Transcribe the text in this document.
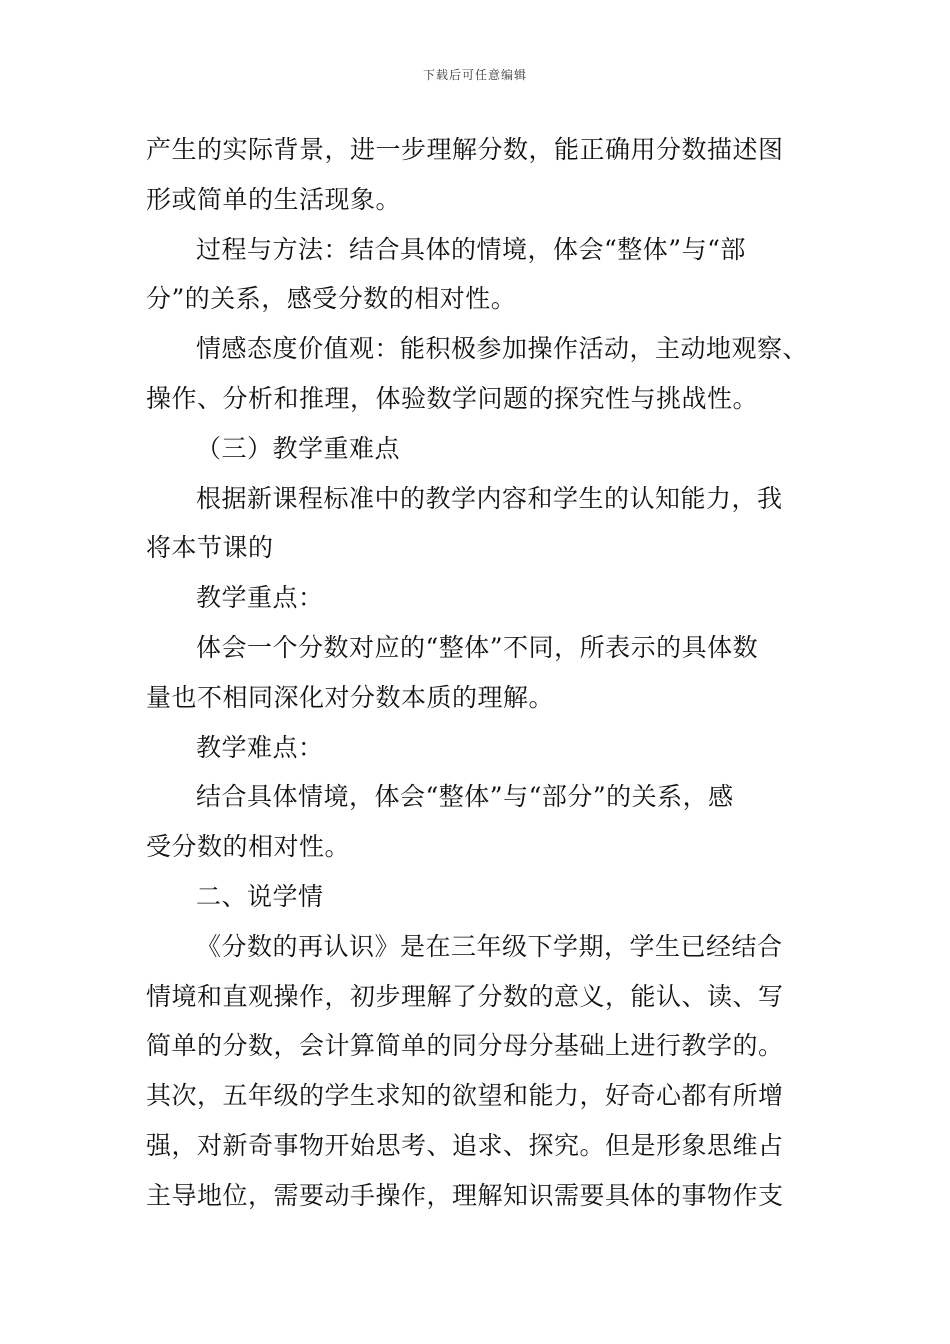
下载后可任意编辑
产生的实际背景，进一步理解分数，能正确用分数描述图
形或简单的生活现象。
过程与方法：结合具体的情境，体会“整体”与“部
分”的关系，感受分数的相对性。
情感态度价值观：能积极参加操作活动，主动地观察、
操作、分析和推理，体验数学问题的探究性与挑战性。
（三）教学重难点
根据新课程标准中的教学内容和学生的认知能力，我
将本节课的
教学重点：
体会一个分数对应的“整体”不同，所表示的具体数
量也不相同深化对分数本质的理解。
教学难点：
结合具体情境，体会“整体”与“部分”的关系，感
受分数的相对性。
二、说学情
《分数的再认识》是在三年级下学期，学生已经结合
情境和直观操作，初步理解了分数的意义，能认、读、写
简单的分数，会计算简单的同分母分基础上进行教学的。
其次，五年级的学生求知的欲望和能力，好奇心都有所增
强，对新奇事物开始思考、追求、探究。但是形象思维占
主导地位，需要动手操作，理解知识需要具体的事物作支
